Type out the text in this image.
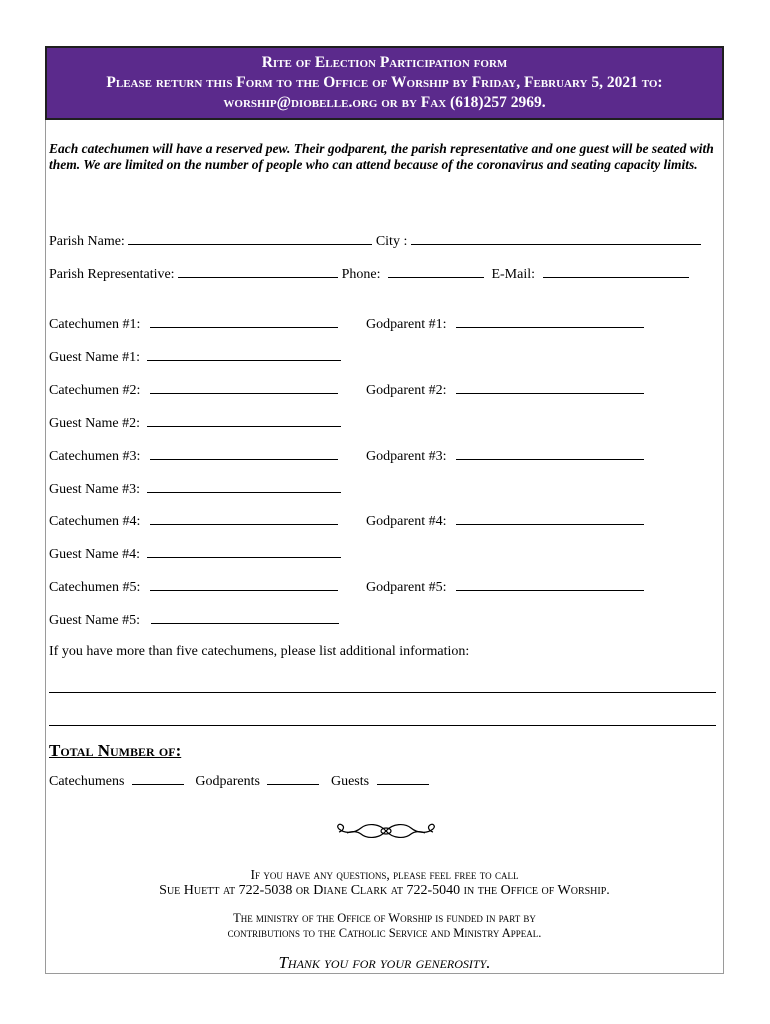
Rite of Election Participation form
Please return this Form to the Office of Worship by Friday, February 5, 2021 to:
worship@diobelle.org or by Fax (618)257 2969.
Each catechumen will have a reserved pew. Their godparent, the parish representative and one guest will be seated with them. We are limited on the number of people who can attend because of the coronavirus and seating capacity limits.
Parish Name:	City :
Parish Representative:	Phone:	E-Mail:
Catechumen #1:	Godparent #1:
Guest Name #1:
Catechumen #2:	Godparent #2:
Guest Name #2:
Catechumen #3:	Godparent #3:
Guest Name #3:
Catechumen #4:	Godparent #4:
Guest Name #4:
Catechumen #5:	Godparent #5:
Guest Name #5:
If you have more than five catechumens, please list additional information:
Total Number of:
Catechumens	Godparents	Guests
If you have any questions, please feel free to call
Sue Huett at 722-5038 or Diane Clark at 722-5040 in the Office of Worship.
The ministry of the Office of Worship is funded in part by
contributions to the Catholic Service and Ministry Appeal.
Thank you for your generosity.
